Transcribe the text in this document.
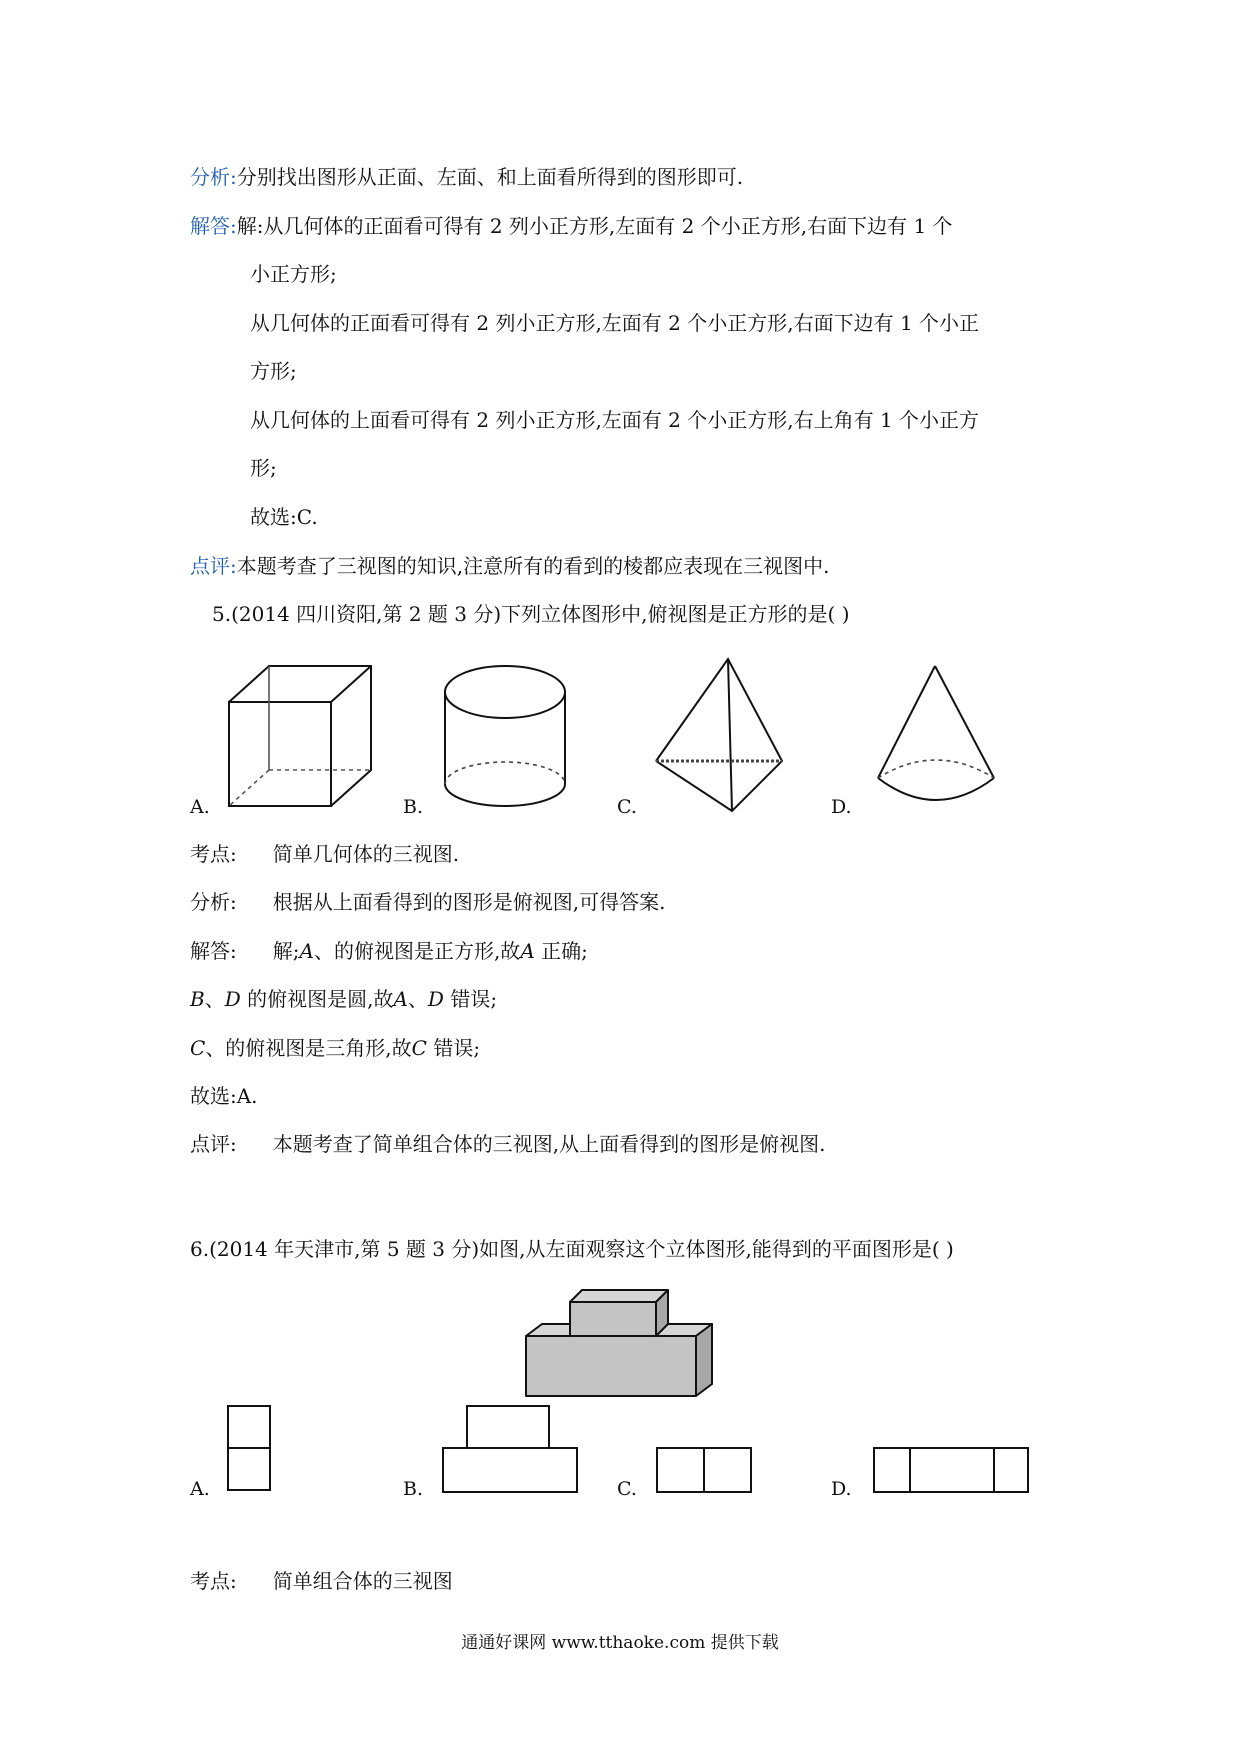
分析:分别找出图形从正面、左面、和上面看所得到的图形即可.
解答:解:从几何体的正面看可得有 2 列小正方形,左面有 2 个小正方形,右面下边有 1 个
小正方形;
从几何体的正面看可得有 2 列小正方形,左面有 2 个小正方形,右面下边有 1 个小正
方形;
从几何体的上面看可得有 2 列小正方形,左面有 2 个小正方形,右上角有 1 个小正方
形;
故选:C.
点评:本题考查了三视图的知识,注意所有的看到的棱都应表现在三视图中.
5.(2014 四川资阳,第 2 题 3 分)下列立体图形中,俯视图是正方形的是( )
A.	B.	C.	D.
考点: 简单几何体的三视图.
分析: 根据从上面看得到的图形是俯视图,可得答案.
解答: 解;A、的俯视图是正方形,故A 正确;
B、D 的俯视图是圆,故A、D 错误;
C、的俯视图是三角形,故C 错误;
故选:A.
点评: 本题考查了简单组合体的三视图,从上面看得到的图形是俯视图.
6.(2014 年天津市,第 5 题 3 分)如图,从左面观察这个立体图形,能得到的平面图形是( )
A.	B.	C.	D.
考点: 简单组合体的三视图
通通好课网 www.tthaoke.com 提供下载
